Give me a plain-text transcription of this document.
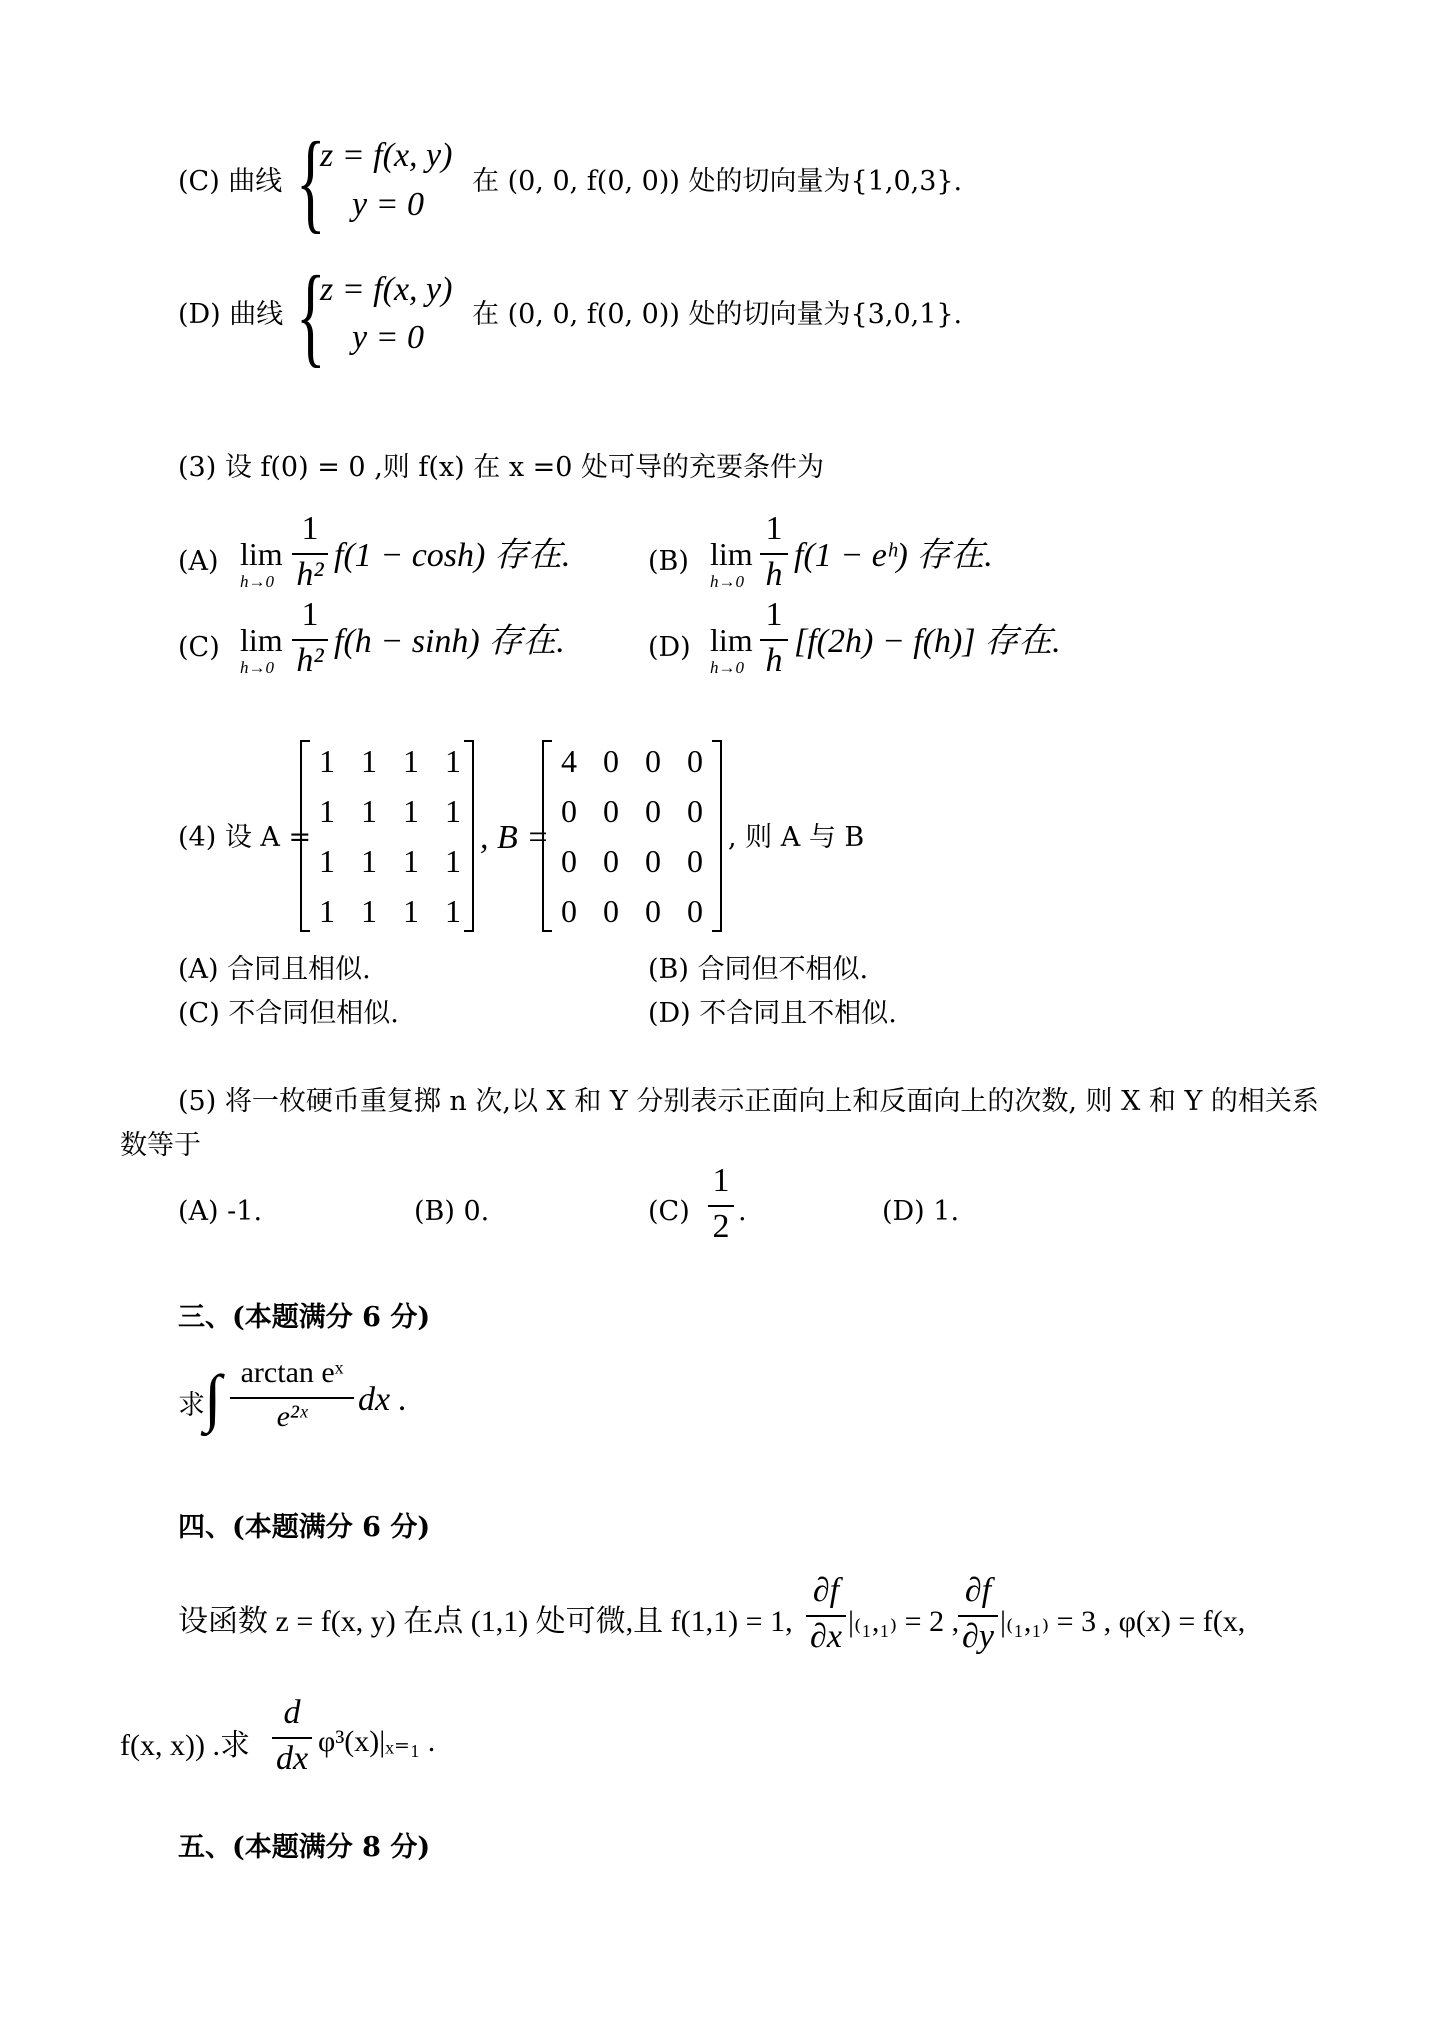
(C) 曲线 {
z = f(x, y)
y = 0
在 (0, 0, f(0, 0)) 处的切向量为{1,0,3}.
(D) 曲线 {
z = f(x, y)
y = 0
在 (0, 0, f(0, 0)) 处的切向量为{3,0,1}.
(3) 设 f(0) = 0 ,则 f(x) 在 x =0 处可导的充要条件为
(A) lim
h→0
1
h²
f(1 − cosh) 存在.	(B) lim
h→0
1
h
f(1 − eʰ) 存在.
(C) lim
h→0
1
h²
f(h − sinh) 存在.	(D) lim
h→0
1
h
[f(2h) − f(h)] 存在.
(4) 设 A =
1 1 1 1
1 1 1 1
1 1 1 1
1 1 1 1
, B =
4 0 0 0
0 0 0 0
0 0 0 0
0 0 0 0
, 则 A 与 B
(A) 合同且相似.	(B) 合同但不相似.
(C) 不合同但相似.	(D) 不合同且不相似.
(5) 将一枚硬币重复掷 n 次,以 X 和 Y 分别表示正面向上和反面向上的次数, 则 X 和 Y 的相关系
数等于
(A) -1.	(B) 0.	(C)
1
2 .	(D) 1.
三、(本题满分 6 分)
求 ∫ arctan eˣ
e²ˣ	dx .
四、(本题满分 6 分)
设函数 z = f(x, y) 在点 (1,1) 处可微,且 f(1,1) = 1,
∂f
∂x |₍₁,₁₎ = 2 ,
∂f
∂y |₍₁,₁₎ = 3 , φ(x) = f(x,
f(x, x)) .求
d
dx φ³(x)|ₓ₌₁ .
五、(本题满分 8 分)
